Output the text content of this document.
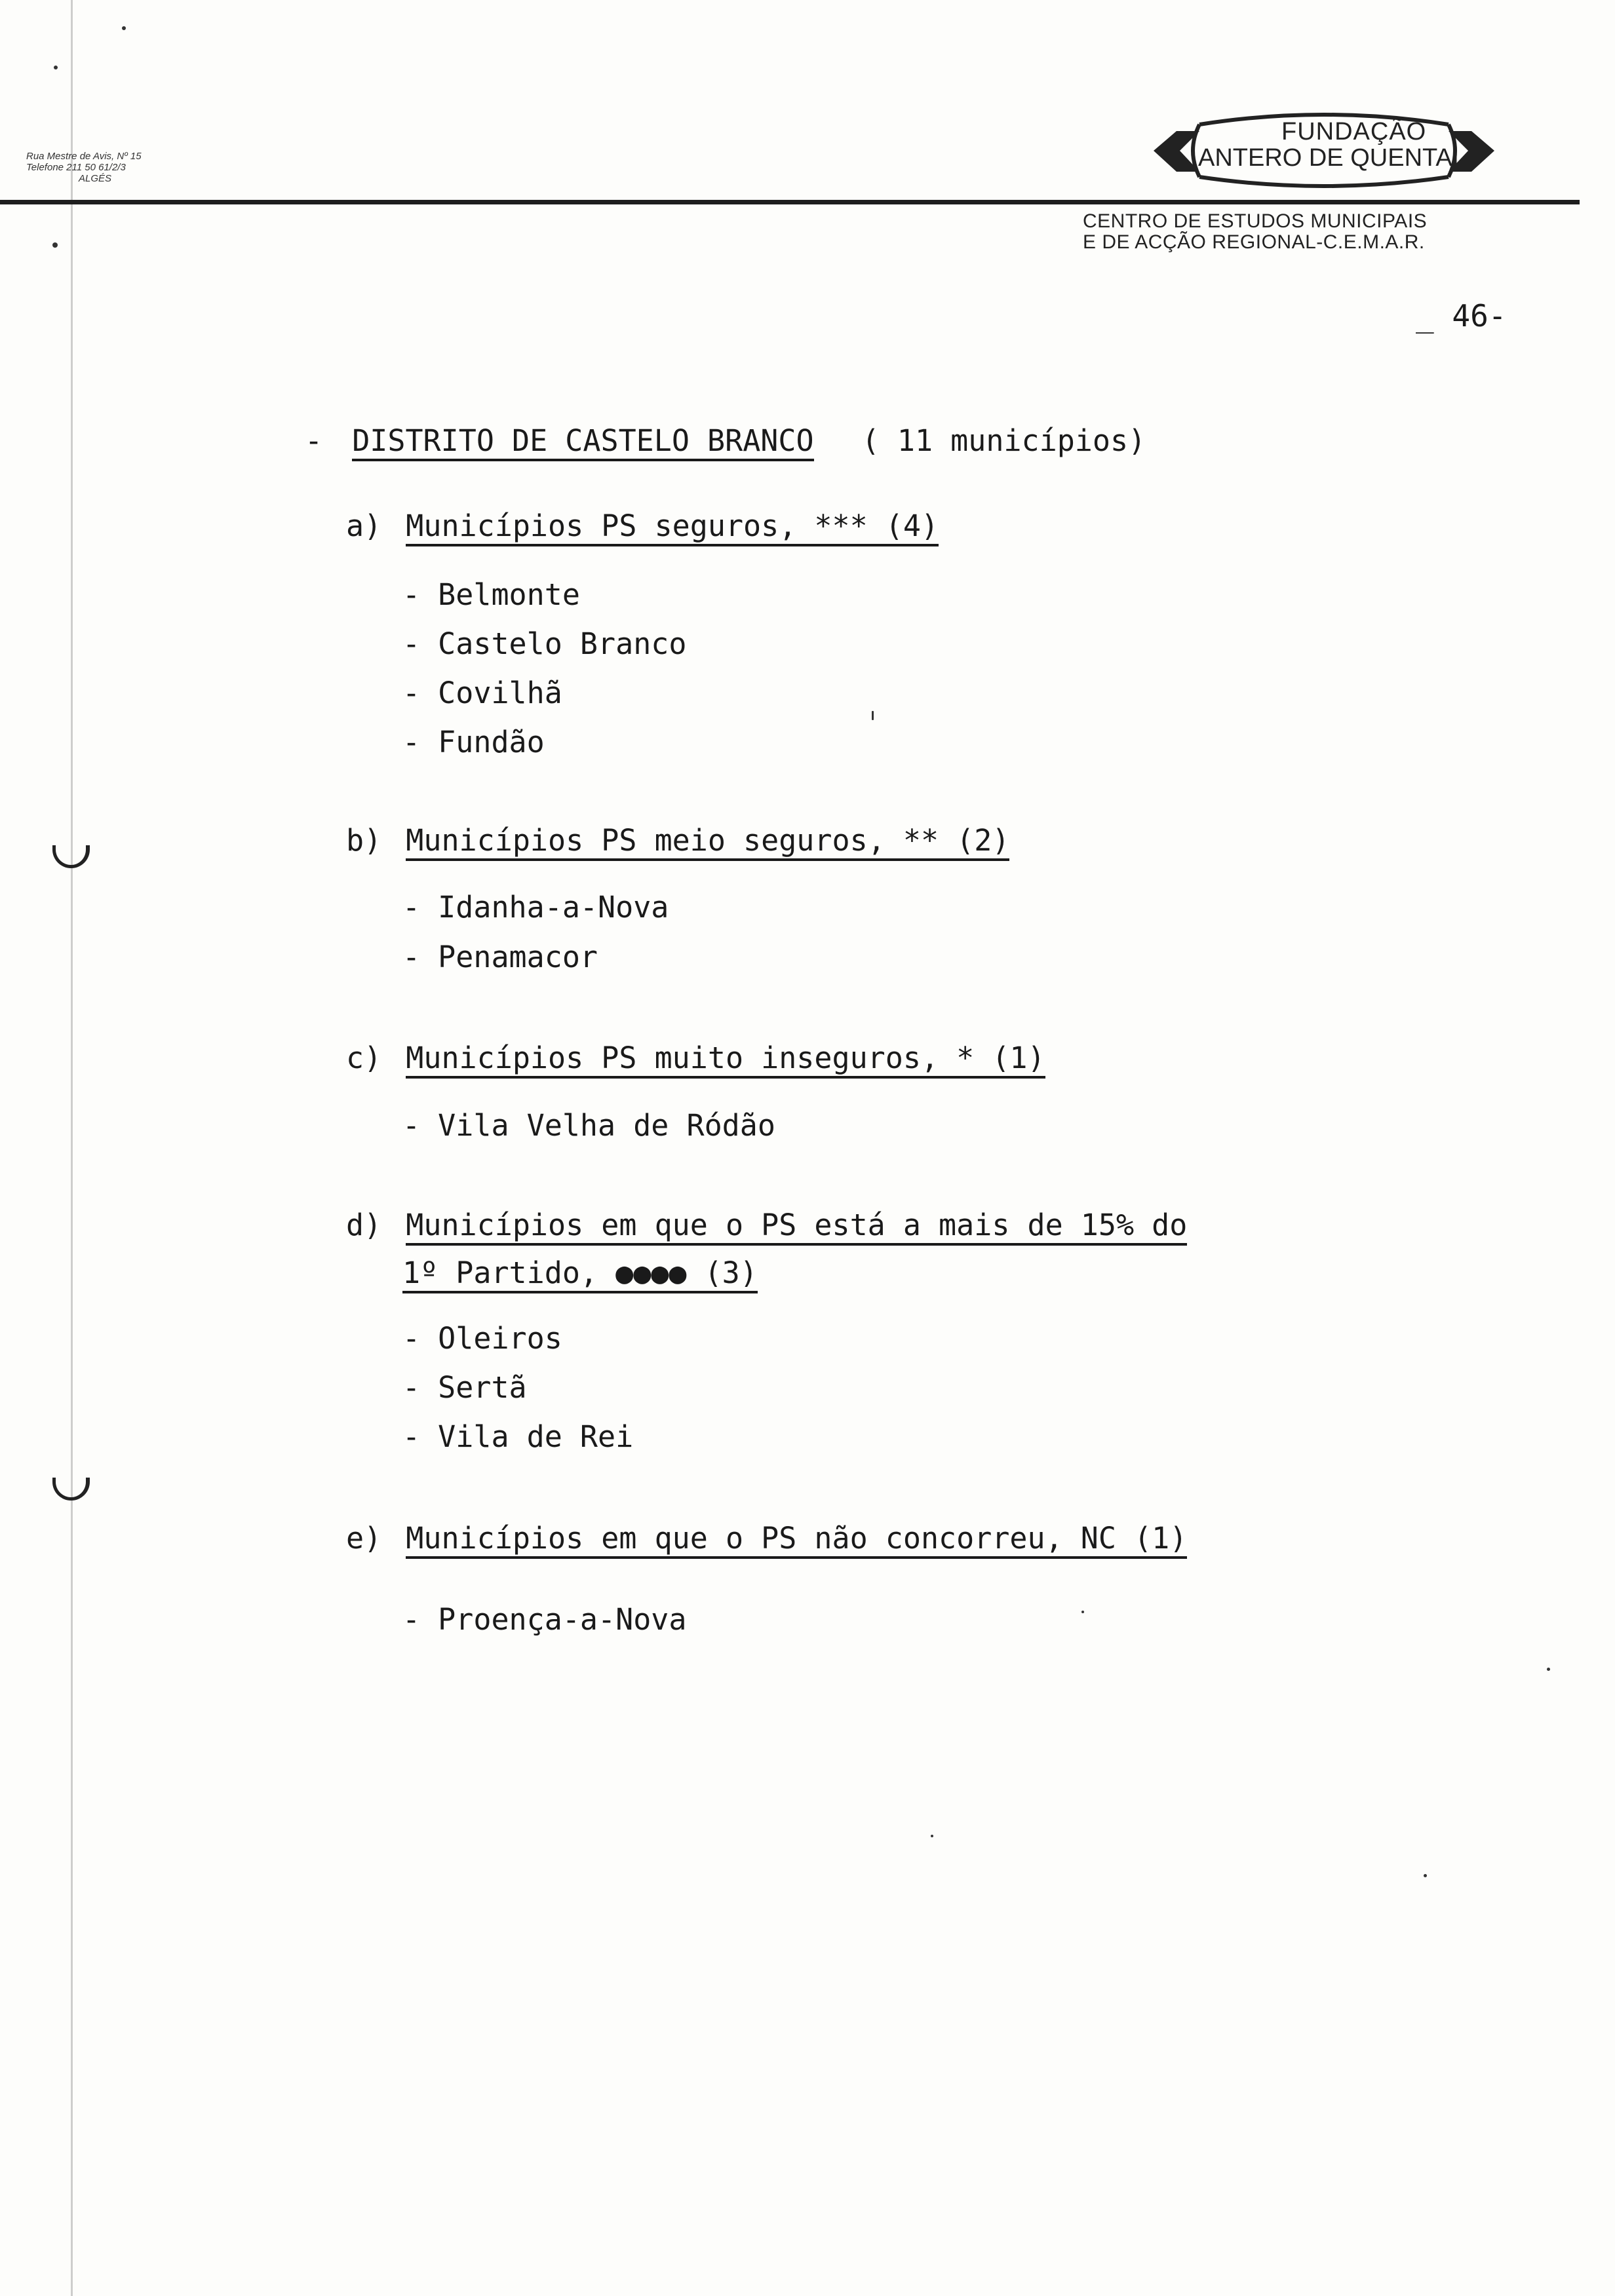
Rua Mestre de Avis, Nº 15
Telefone 211 50 61/2/3
ALGÉS
FUNDAÇÃO
ANTERO DE QUENTAL
CENTRO DE ESTUDOS MUNICIPAIS
E DE ACÇÃO REGIONAL-C.E.M.A.R.
_ 46-
- DISTRITO DE CASTELO BRANCO ( 11 municípios)
a) Municípios PS seguros, *** (4)
- Belmonte
- Castelo Branco
- Covilhã
- Fundão
b) Municípios PS meio seguros, ** (2)
- Idanha-a-Nova
- Penamacor
c) Municípios PS muito inseguros, * (1)
- Vila Velha de Ródão
d) Municípios em que o PS está a mais de 15% do
1º Partido, ●●●● (3)
- Oleiros
- Sertã
- Vila de Rei
e) Municípios em que o PS não concorreu, NC (1)
- Proença-a-Nova
